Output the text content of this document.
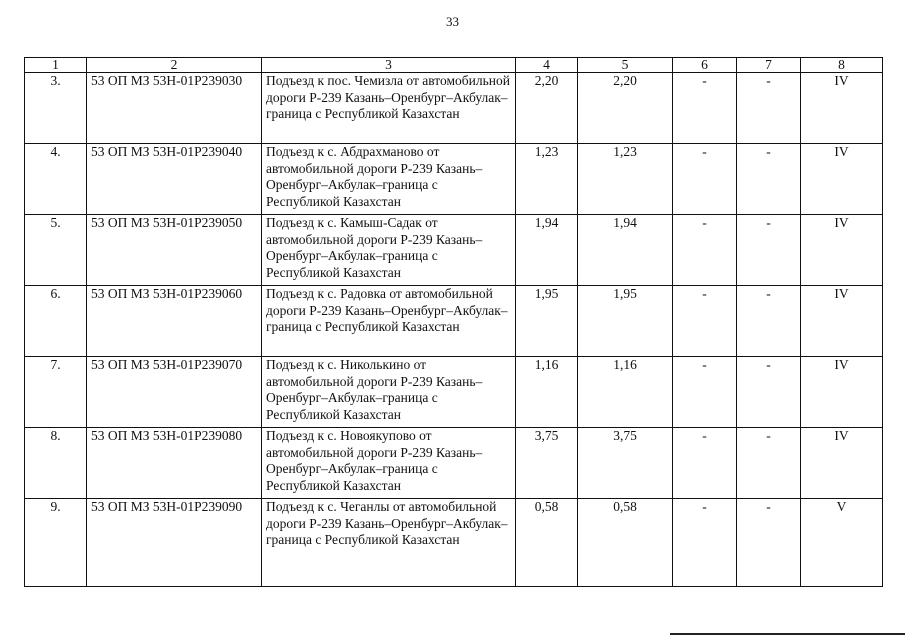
33
1	2	3	4	5	6	7	8
3.	53 ОП МЗ 53Н-01Р239030	Подъезд к пос. Чемизла от автомобильной дороги Р-239 Казань–Оренбург–Акбулак–граница с Республикой Казахстан	2,20	2,20	-	-	IV
4.	53 ОП МЗ 53Н-01Р239040	Подъезд к с. Абдрахманово от автомобильной дороги Р-239 Казань–Оренбург–Акбулак–граница с Республикой Казахстан	1,23	1,23	-	-	IV
5.	53 ОП МЗ 53Н-01Р239050	Подъезд к с. Камыш-Садак от автомобильной дороги Р-239 Казань–Оренбург–Акбулак–граница с Республикой Казахстан	1,94	1,94	-	-	IV
6.	53 ОП МЗ 53Н-01Р239060	Подъезд к с. Радовка от автомобильной дороги Р-239 Казань–Оренбург–Акбулак–граница с Республикой Казахстан	1,95	1,95	-	-	IV
7.	53 ОП МЗ 53Н-01Р239070	Подъезд к с. Николькино от автомобильной дороги Р-239 Казань–Оренбург–Акбулак–граница с Республикой Казахстан	1,16	1,16	-	-	IV
8.	53 ОП МЗ 53Н-01Р239080	Подъезд к с. Новоякупово от автомобильной дороги Р-239 Казань–Оренбург–Акбулак–граница с Республикой Казахстан	3,75	3,75	-	-	IV
9.	53 ОП МЗ 53Н-01Р239090	Подъезд к с. Чеганлы от автомобильной дороги Р-239 Казань–Оренбург–Акбулак–граница с Республикой Казахстан	0,58	0,58	-	-	V
